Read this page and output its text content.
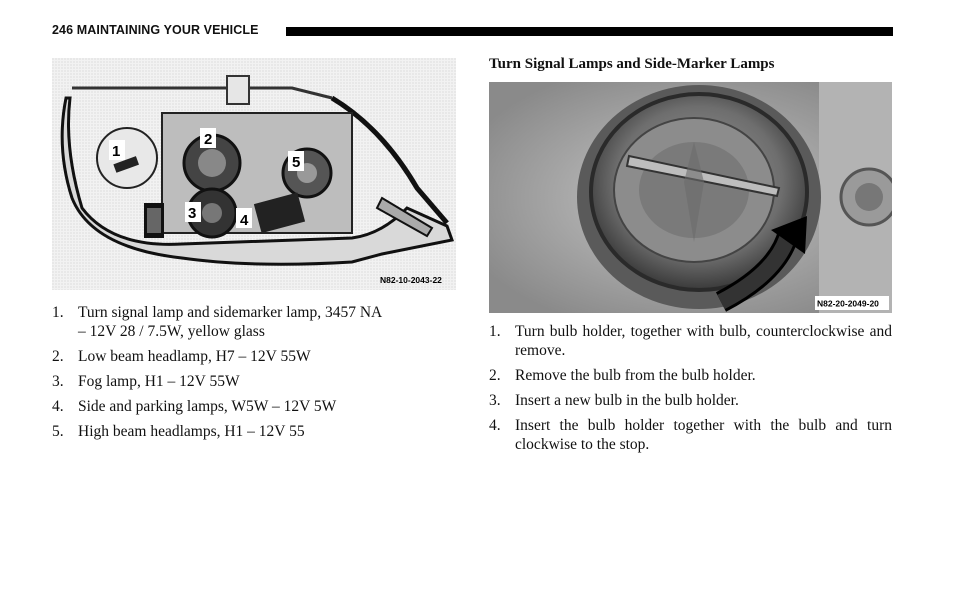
246 MAINTAINING YOUR VEHICLE
1
2
3	4
5
N82-10-2043-22
1. Turn signal lamp and sidemarker lamp, 3457 NA – 12V 28 / 7.5W, yellow glass
2. Low beam headlamp, H7 – 12V 55W
3. Fog lamp, H1 – 12V 55W
4. Side and parking lamps, W5W – 12V 5W
5. High beam headlamps, H1 – 12V 55
Turn Signal Lamps and Side-Marker Lamps
N82-20-2049-20
1. Turn bulb holder, together with bulb, counterclockwise and remove.
2. Remove the bulb from the bulb holder.
3. Insert a new bulb in the bulb holder.
4. Insert the bulb holder together with the bulb and turn clockwise to the stop.
